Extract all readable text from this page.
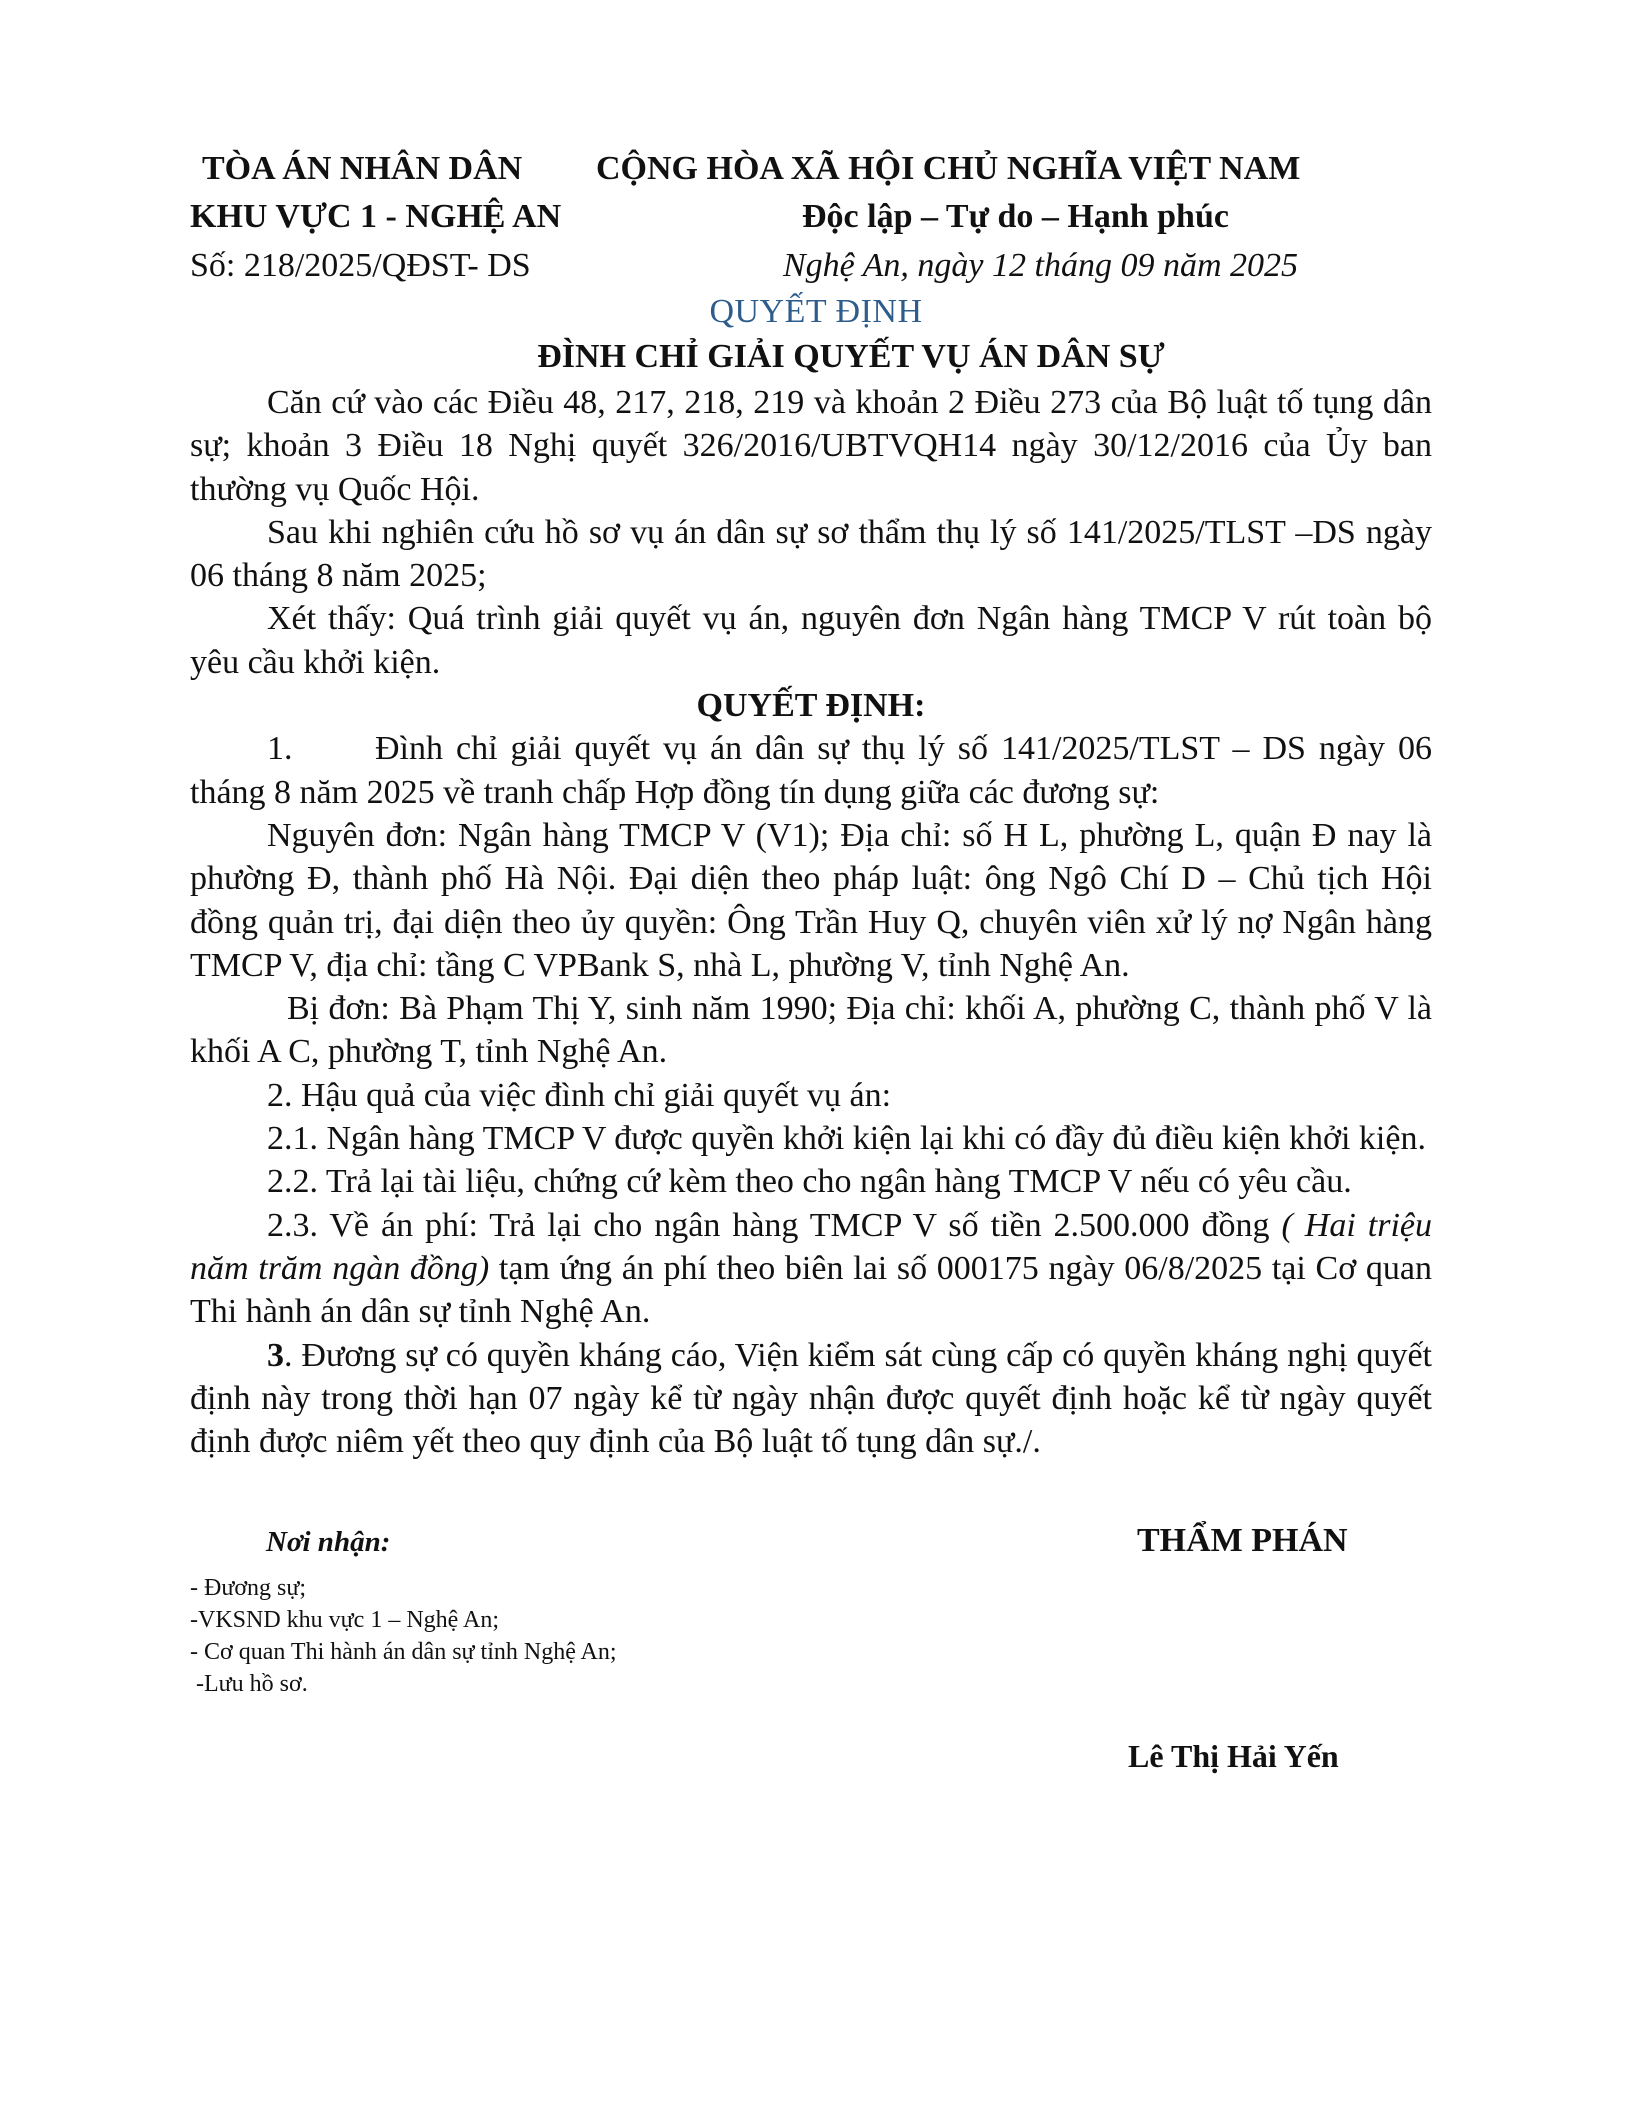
TÒA ÁN NHÂN DÂN
KHU VỰC 1 - NGHỆ AN
Số: 218/2025/QĐST- DS
CỘNG HÒA XÃ HỘI CHỦ NGHĨA VIỆT NAM
Độc lập – Tự do – Hạnh phúc
Nghệ An, ngày 12 tháng 09 năm 2025
QUYẾT ĐỊNH
ĐÌNH CHỈ GIẢI QUYẾT VỤ ÁN DÂN SỰ

Căn cứ vào các Điều 48, 217, 218, 219 và khoản 2 Điều 273 của Bộ luật tố tụng dân sự; khoản 3 Điều 18 Nghị quyết 326/2016/UBTVQH14 ngày 30/12/2016 của Ủy ban thường vụ Quốc Hội.

Sau khi nghiên cứu hồ sơ vụ án dân sự sơ thẩm thụ lý số 141/2025/TLST –DS ngày 06 tháng 8 năm 2025;

Xét thấy: Quá trình giải quyết vụ án, nguyên đơn Ngân hàng TMCP V rút toàn bộ yêu cầu khởi kiện.

QUYẾT ĐỊNH:

1. Đình chỉ giải quyết vụ án dân sự thụ lý số 141/2025/TLST – DS ngày 06 tháng 8 năm 2025 về tranh chấp Hợp đồng tín dụng giữa các đương sự:

Nguyên đơn: Ngân hàng TMCP V (V1); Địa chỉ: số H L, phường L, quận Đ nay là phường Đ, thành phố Hà Nội. Đại diện theo pháp luật: ông Ngô Chí D – Chủ tịch Hội đồng quản trị, đại diện theo ủy quyền: Ông Trần Huy Q, chuyên viên xử lý nợ Ngân hàng TMCP V, địa chỉ: tầng C VPBank S, nhà L, phường V, tỉnh Nghệ An.

Bị đơn: Bà Phạm Thị Y, sinh năm 1990; Địa chỉ: khối A, phường C, thành phố V là khối A C, phường T, tỉnh Nghệ An.

2. Hậu quả của việc đình chỉ giải quyết vụ án:

2.1. Ngân hàng TMCP V được quyền khởi kiện lại khi có đầy đủ điều kiện khởi kiện.

2.2. Trả lại tài liệu, chứng cứ kèm theo cho ngân hàng TMCP V nếu có yêu cầu.

2.3. Về án phí: Trả lại cho ngân hàng TMCP V số tiền 2.500.000 đồng ( Hai triệu năm trăm ngàn đồng) tạm ứng án phí theo biên lai số 000175 ngày 06/8/2025 tại Cơ quan Thi hành án dân sự tỉnh Nghệ An.

3. Đương sự có quyền kháng cáo, Viện kiểm sát cùng cấp có quyền kháng nghị quyết định này trong thời hạn 07 ngày kể từ ngày nhận được quyết định hoặc kể từ ngày quyết định được niêm yết theo quy định của Bộ luật tố tụng dân sự./.

Nơi nhận:
- Đương sự;
-VKSND khu vực 1 – Nghệ An;
- Cơ quan Thi hành án dân sự tỉnh Nghệ An;
-Lưu hồ sơ.
THẨM PHÁN
Lê Thị Hải Yến
